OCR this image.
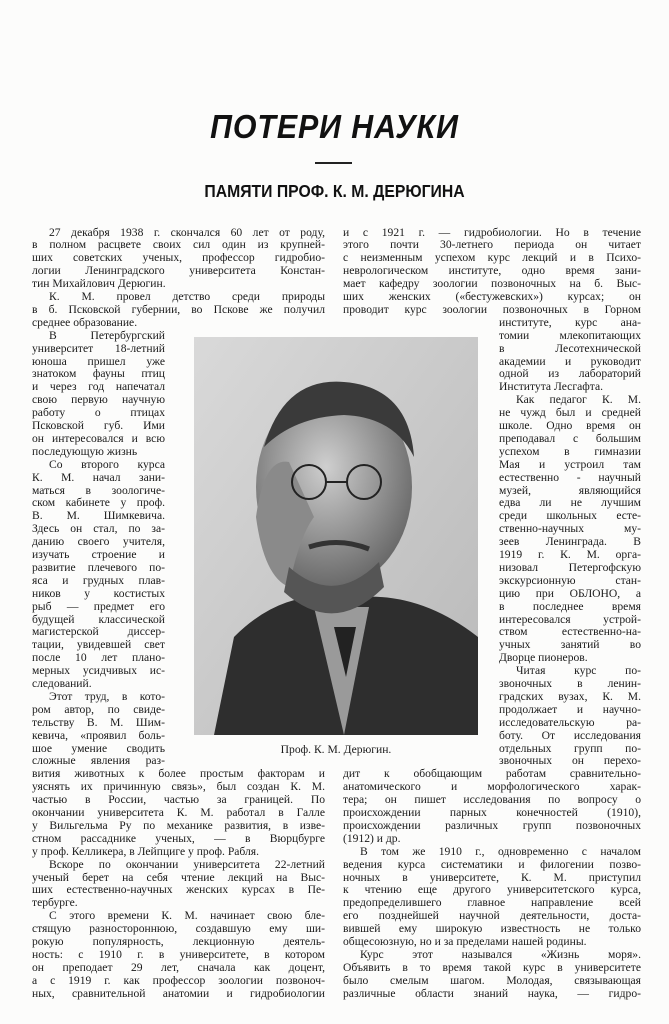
ПОТЕРИ НАУКИ
ПАМЯТИ ПРОФ. К. М. ДЕРЮГИНА
27 декабря 1938 г. скончался 60 лет от роду,
в полном расцвете своих сил один из крупней-
ших советских ученых, профессор гидробио-
логии Ленинградского университета Констан-
тин Михайлович Дерюгин.
К. М. провел детство среди природы
в б. Псковской губернии, во Пскове же получил
среднее образование.
В Петербургский
университет 18-летний
юноша пришел уже
знатоком фауны птиц
и через год напечатал
свою первую научную
работу о птицах
Псковской губ. Ими
он интересовался и всю
последующую жизнь
Со второго курса
К. М. начал зани-
маться в зоологиче-
ском кабинете у проф.
В. М. Шимкевича.
Здесь он стал, по за-
данию своего учителя,
изучать строение и
развитие плечевого по-
яса и грудных плав-
ников у костистых
рыб — предмет его
будущей классической
магистерской диссер-
тации, увидевшей свет
после 10 лет плано-
мерных усидчивых ис-
следований.
Этот труд, в кото-
ром автор, по свиде-
тельству В. М. Шим-
кевича, «проявил боль-
шое умение сводить
сложные явления раз-
вития животных к более простым факторам и
уяснять их причинную связь», был создан К. М.
частью в России, частью за границей. По
окончании университета К. М. работал в Галле
у Вильгельма Ру по механике развития, в изве-
стном рассаднике ученых, — в Вюрцбурге
у проф. Келликера, в Лейпциге у проф. Рабля.
Вскоре по окончании университета 22-летний
ученый берет на себя чтение лекций на Выс-
ших естественно-научных женских курсах в Пе-
тербурге.
С этого времени К. М. начинает свою бле-
стящую разностороннюю, создавшую ему ши-
рокую популярность, лекционную деятель-
ность: с 1910 г. в университете, в котором
он преподает 29 лет, сначала как доцент,
а с 1919 г. как профессор зоологии позвоноч-
ных, сравнительной анатомии и гидробиологии
и с 1921 г. — гидробиологии. Но в течение
этого почти 30-летнего периода он читает
с неизменным успехом курс лекций и в Психо-
неврологическом институте, одно время зани-
мает кафедру зоологии позвоночных на б. Выс-
ших женских («бестужевских») курсах; он
проводит курс зоологии позвоночных в Горном
институте, курс ана-
томии млекопитающих
в Лесотехнической
академии и руководит
одной из лабораторий
Института Лесгафта.
Как педагог К. М.
не чужд был и средней
школе. Одно время он
преподавал с большим
успехом в гимназии
Мая и устроил там
естественно - научный
музей, являющийся
едва ли не лучшим
среди школьных есте-
ственно-научных му-
зеев Ленинграда. В
1919 г. К. М. орга-
низовал Петергофскую
экскурсионную стан-
цию при ОБЛОНО, а
в последнее время
интересовался устрой-
ством естественно-на-
учных занятий во
Дворце пионеров.
Читая курс по-
звоночных в ленин-
градских вузах, К. М.
продолжает и научно-
исследовательскую ра-
боту. От исследования
отдельных групп по-
звоночных он перехо-
дит к обобщающим работам сравнительно-
анатомического и морфологического харак-
тера; он пишет исследования по вопросу о
происхождении парных конечностей (1910),
происхождении различных групп позвоночных
(1912) и др.
В том же 1910 г., одновременно с началом
ведения курса систематики и филогении позво-
ночных в университете, К. М. приступил
к чтению еще другого университетского курса,
предопределившего главное направление всей
его позднейшей научной деятельности, доста-
вившей ему широкую известность не только
общесоюзную, но и за пределами нашей родины.
Курс этот назывался «Жизнь моря».
Объявить в то время такой курс в университете
было смелым шагом. Молодая, связывающая
различные области знаний наука, — гидро-
Проф. К. М. Дерюгин.
